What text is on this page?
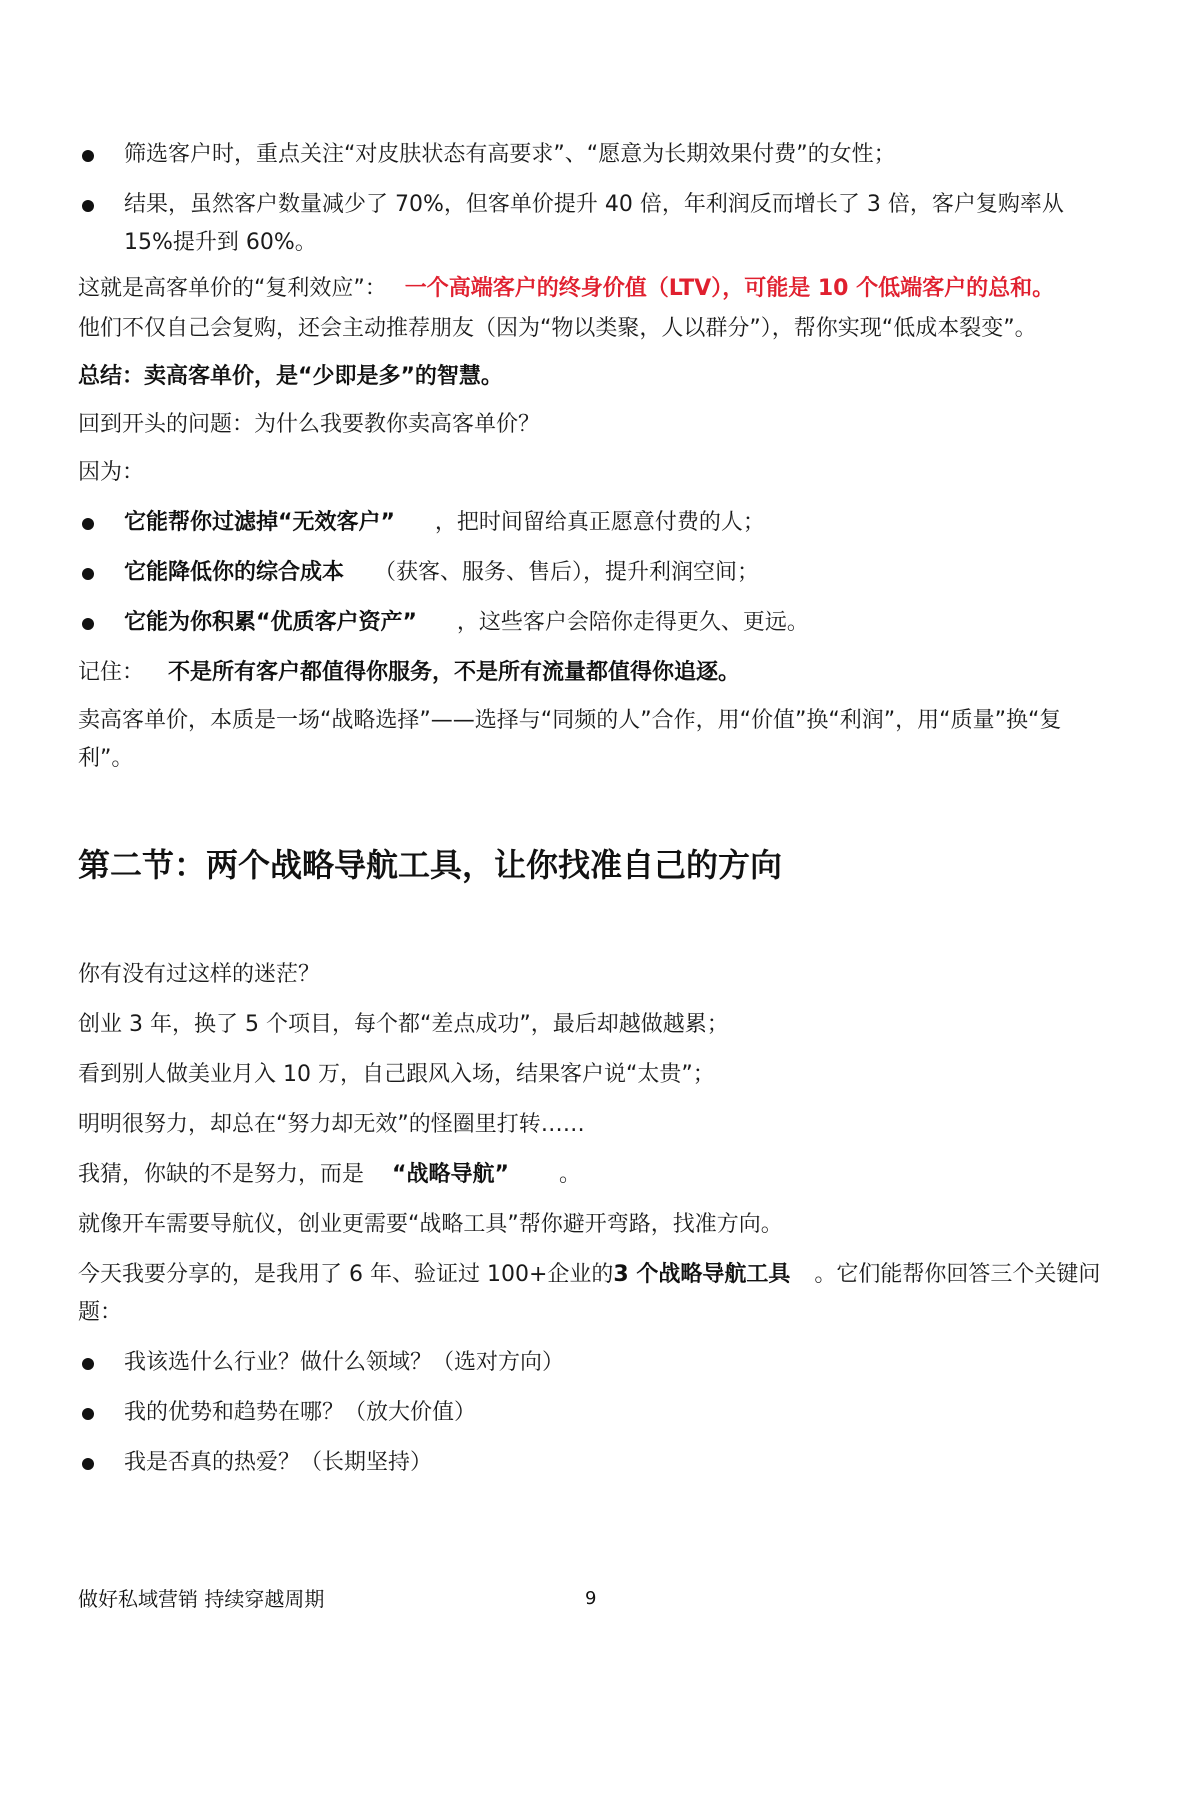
筛选客户时，重点关注“对皮肤状态有高要求”、“愿意为长期效果付费”的女性；
结果，虽然客户数量减少了 70%，但客单价提升 40 倍，年利润反而增长了 3 倍，客户复购率从 15%提升到 60%。
这就是高客单价的“复利效应”： 一个高端客户的终身价值（LTV），可能是 10 个低端客户的总和。
他们不仅自己会复购，还会主动推荐朋友（因为“物以类聚，人以群分”），帮你实现“低成本裂变”。
总结：卖高客单价，是“少即是多”的智慧。
回到开头的问题：为什么我要教你卖高客单价？
因为：
它能帮你过滤掉“无效客户” ，把时间留给真正愿意付费的人；
它能降低你的综合成本 （获客、服务、售后），提升利润空间；
它能为你积累“优质客户资产” ，这些客户会陪你走得更久、更远。
记住： 不是所有客户都值得你服务，不是所有流量都值得你追逐。
卖高客单价，本质是一场“战略选择”——选择与“同频的人”合作，用“价值”换“利润”，用“质量”换“复利”。
第二节：两个战略导航工具，让你找准自己的方向
你有没有过这样的迷茫？
创业 3 年，换了 5 个项目，每个都“差点成功”，最后却越做越累；
看到别人做美业月入 10 万，自己跟风入场，结果客户说“太贵”；
明明很努力，却总在“努力却无效”的怪圈里打转……
我猜，你缺的不是努力，而是 “战略导航” 。
就像开车需要导航仪，创业更需要“战略工具”帮你避开弯路，找准方向。
今天我要分享的，是我用了 6 年、验证过 100+企业的3 个战略导航工具 。它们能帮你回答三个关键问题：
我该选什么行业？做什么领域？（选对方向）
我的优势和趋势在哪？（放大价值）
我是否真的热爱？（长期坚持）
做好私域营销 持续穿越周期	9
